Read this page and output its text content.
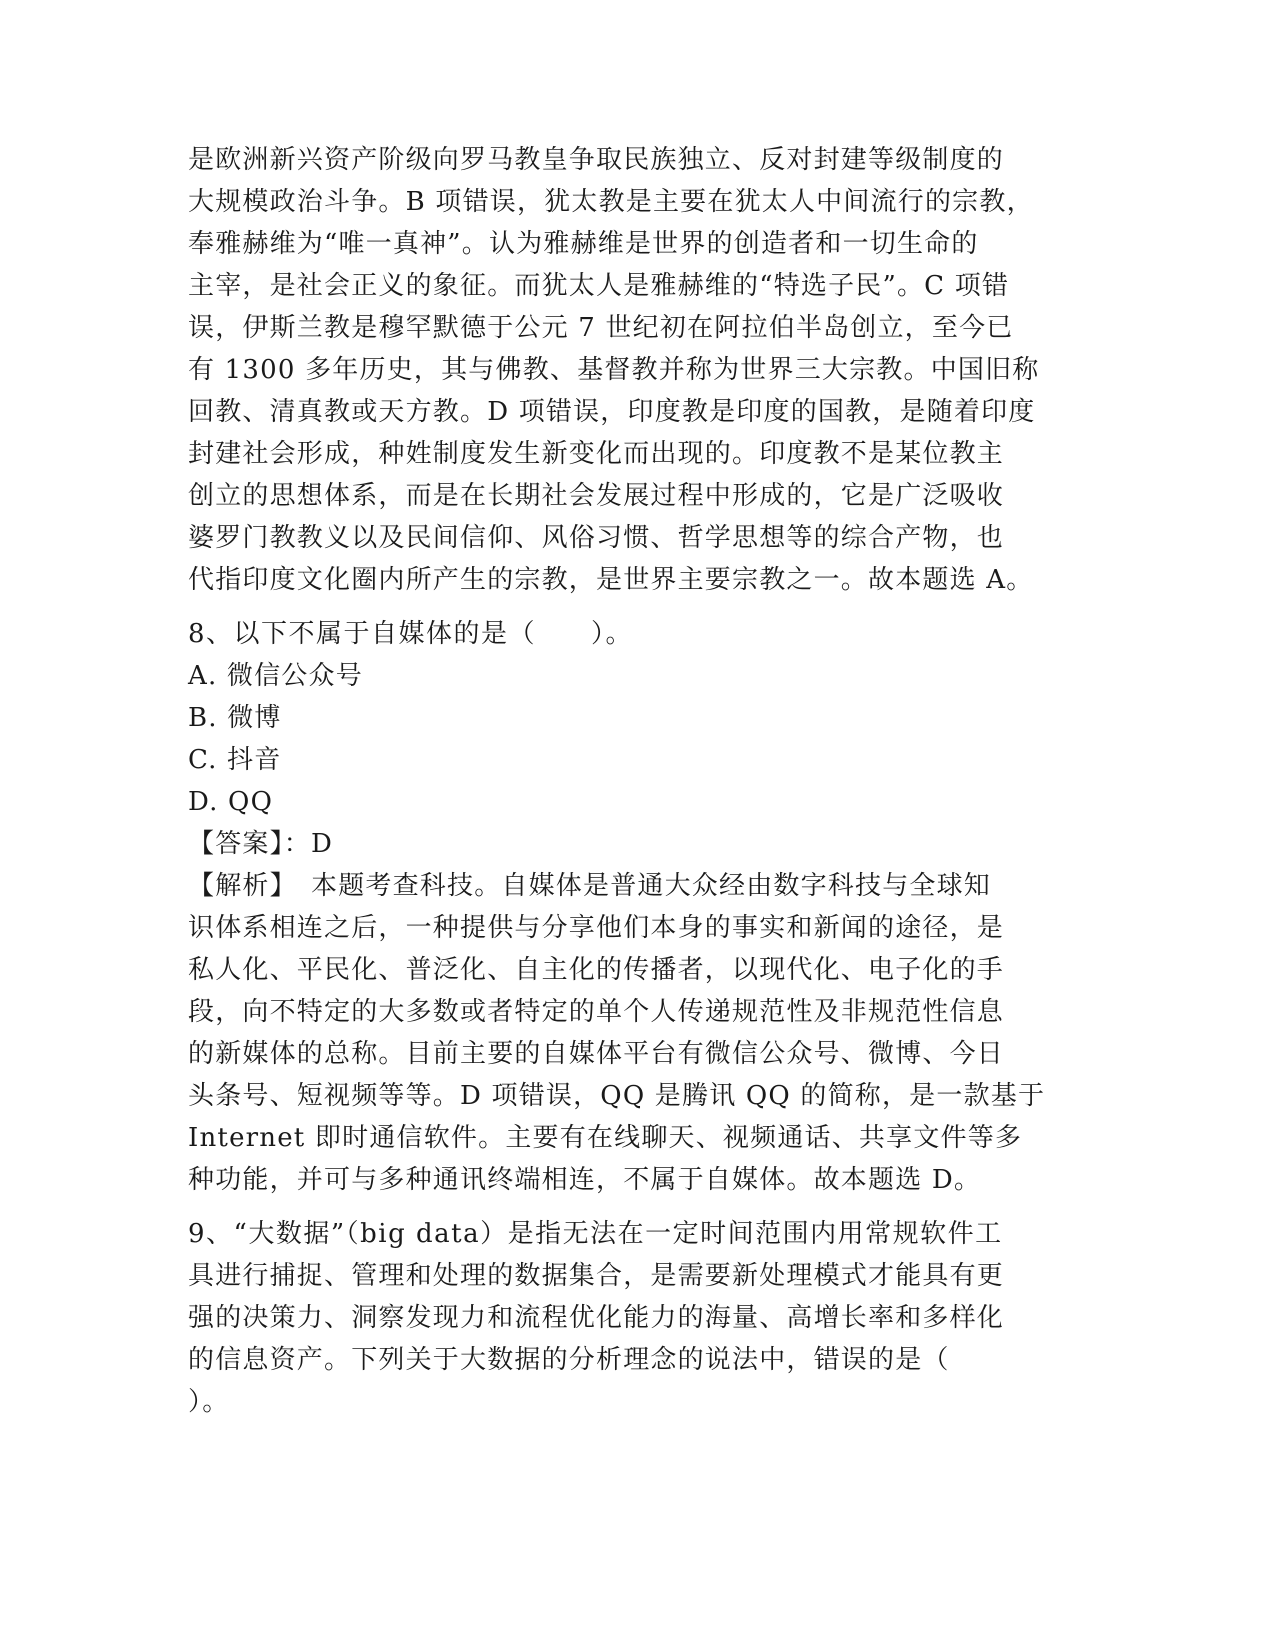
是欧洲新兴资产阶级向罗马教皇争取民族独立、反对封建等级制度的
大规模政治斗争。B 项错误，犹太教是主要在犹太人中间流行的宗教，
奉雅赫维为“唯一真神”。认为雅赫维是世界的创造者和一切生命的
主宰，是社会正义的象征。而犹太人是雅赫维的“特选子民”。C 项错
误，伊斯兰教是穆罕默德于公元 7 世纪初在阿拉伯半岛创立，至今已
有 1300 多年历史，其与佛教、基督教并称为世界三大宗教。中国旧称
回教、清真教或天方教。D 项错误，印度教是印度的国教，是随着印度
封建社会形成，种姓制度发生新变化而出现的。印度教不是某位教主
创立的思想体系，而是在长期社会发展过程中形成的，它是广泛吸收
婆罗门教教义以及民间信仰、风俗习惯、哲学思想等的综合产物，也
代指印度文化圈内所产生的宗教，是世界主要宗教之一。故本题选 A。
8、以下不属于自媒体的是（　　）。
A. 微信公众号
B. 微博
C. 抖音
D. QQ
【答案】：D
【解析】　本题考查科技。自媒体是普通大众经由数字科技与全球知
识体系相连之后，一种提供与分享他们本身的事实和新闻的途径，是
私人化、平民化、普泛化、自主化的传播者，以现代化、电子化的手
段，向不特定的大多数或者特定的单个人传递规范性及非规范性信息
的新媒体的总称。目前主要的自媒体平台有微信公众号、微博、今日
头条号、短视频等等。D 项错误，QQ 是腾讯 QQ 的简称，是一款基于
Internet 即时通信软件。主要有在线聊天、视频通话、共享文件等多
种功能，并可与多种通讯终端相连，不属于自媒体。故本题选 D。
9、“大数据”（big data）是指无法在一定时间范围内用常规软件工
具进行捕捉、管理和处理的数据集合，是需要新处理模式才能具有更
强的决策力、洞察发现力和流程优化能力的海量、高增长率和多样化
的信息资产。下列关于大数据的分析理念的说法中，错误的是（
）。
